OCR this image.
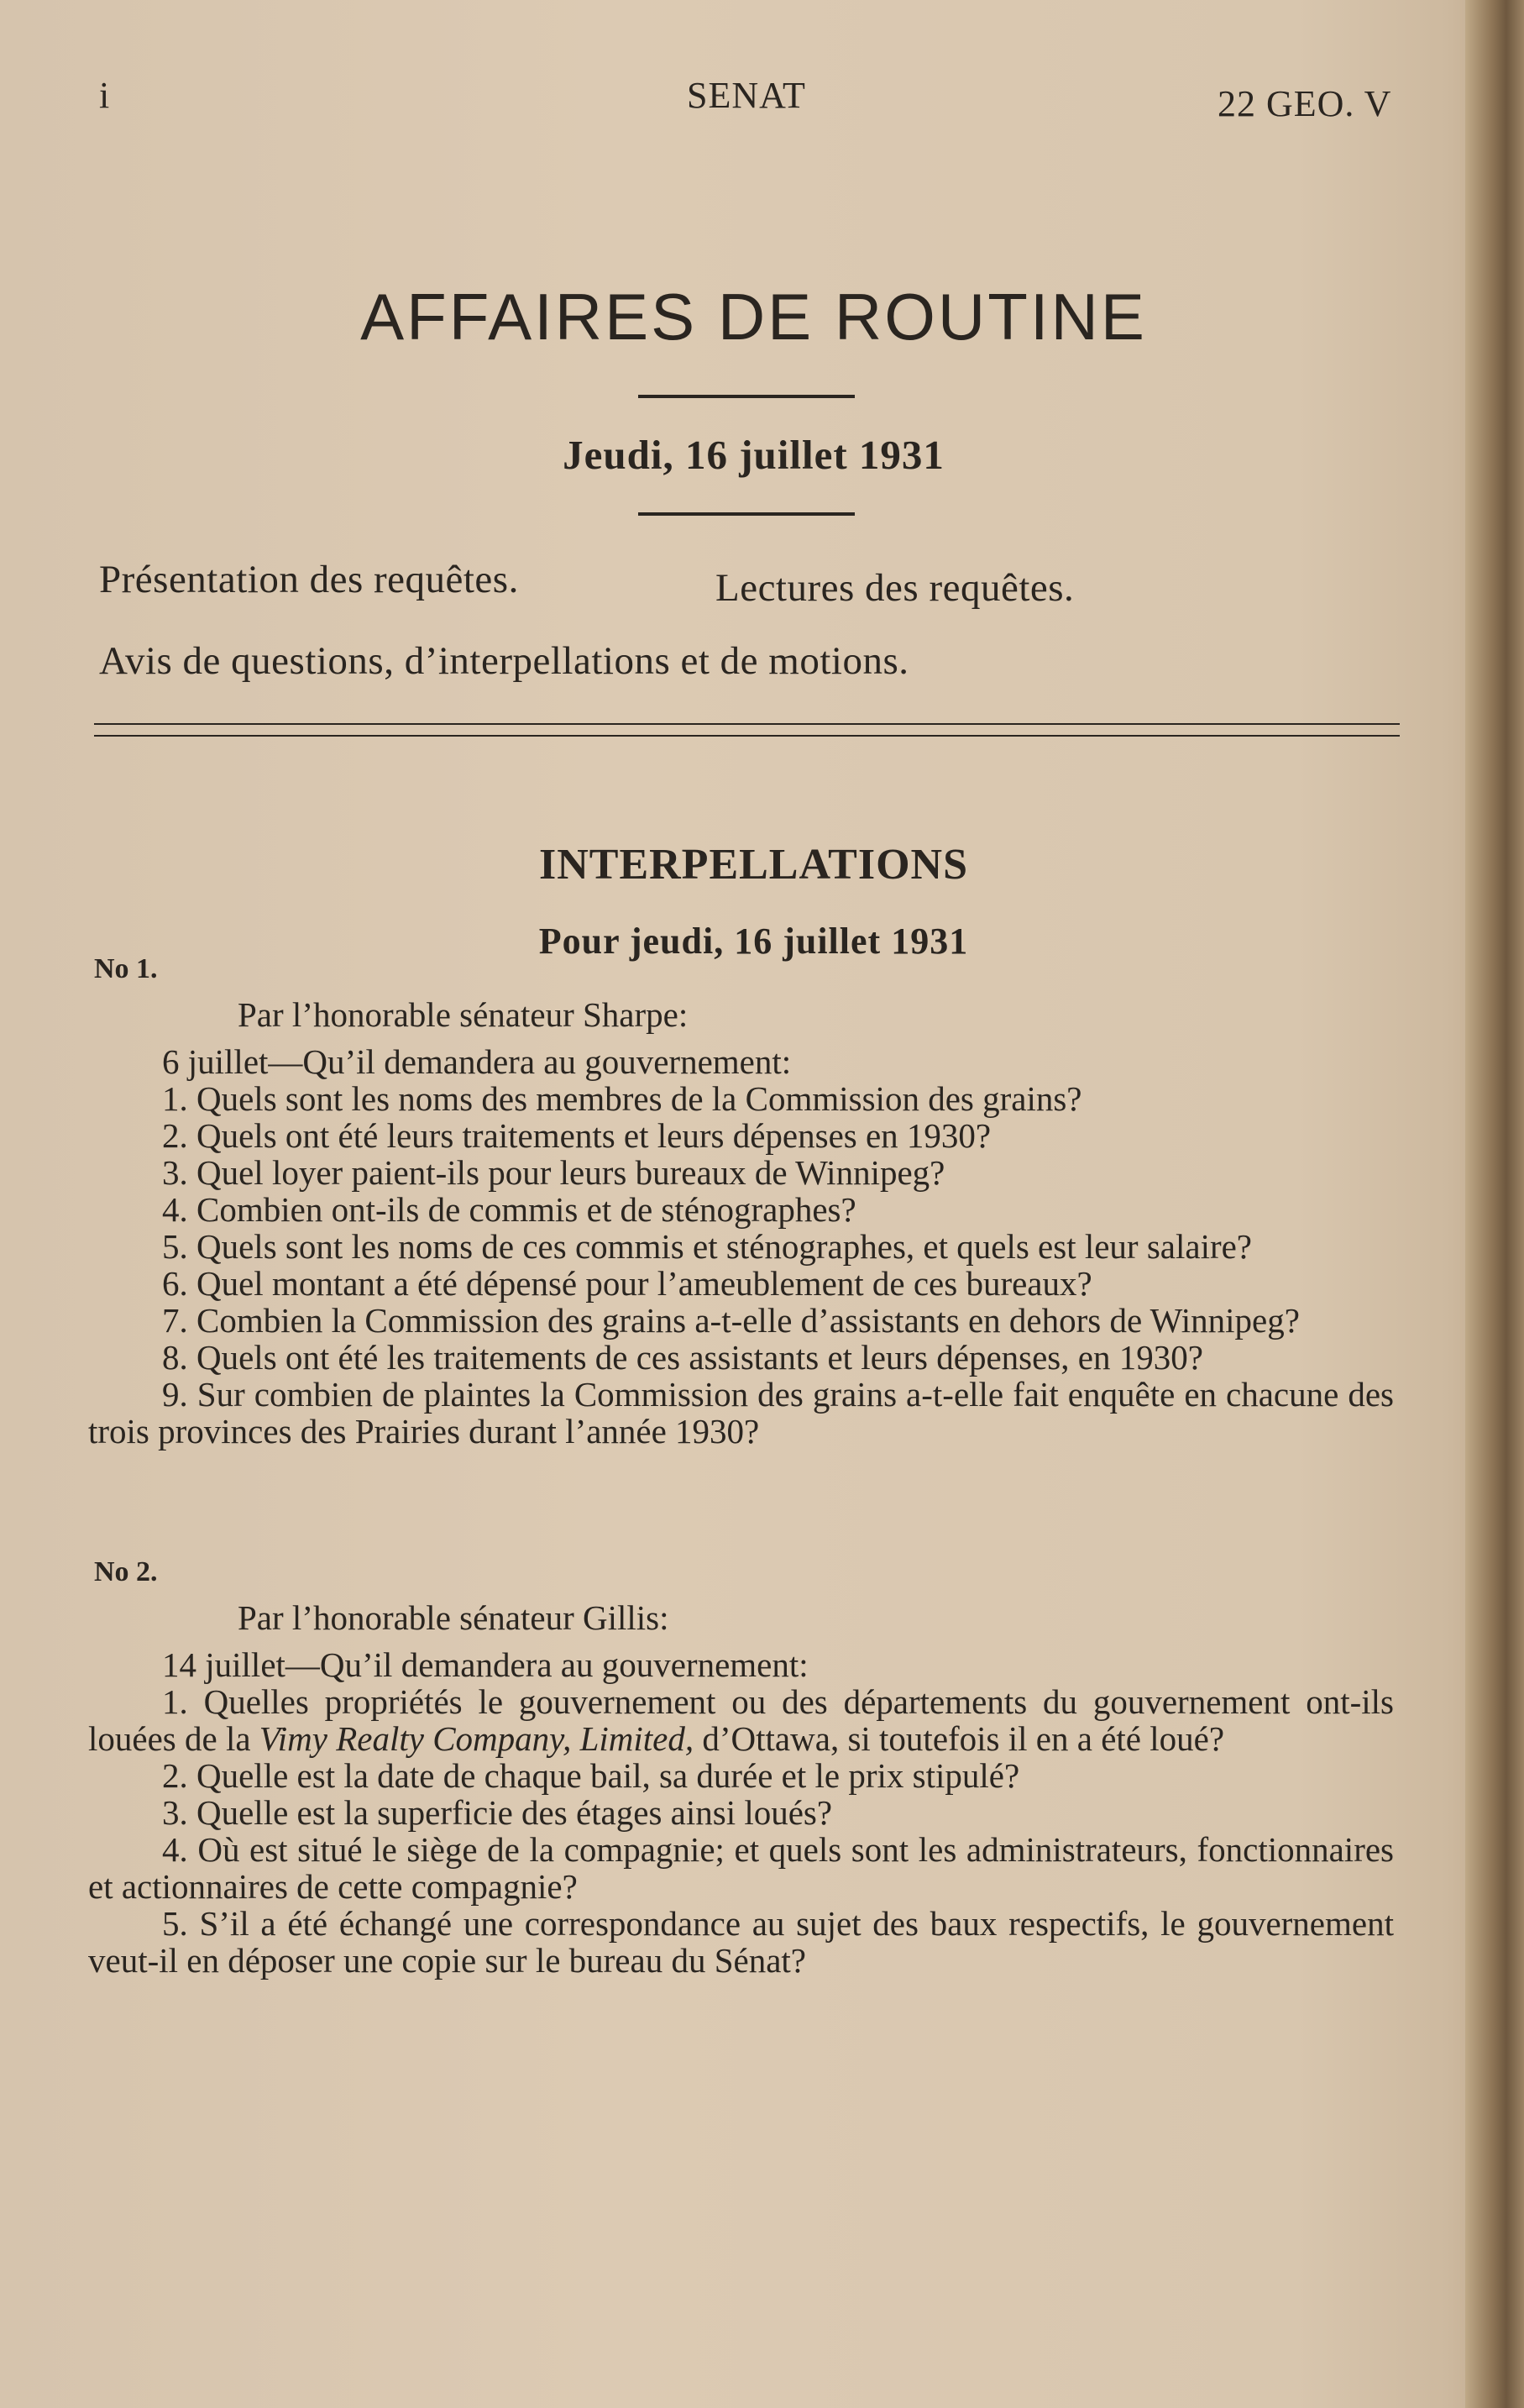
i	SENAT	22 GEO. V
AFFAIRES DE ROUTINE
Jeudi, 16 juillet 1931
Présentation des requêtes.	Lectures des requêtes.
Avis de questions, d’interpellations et de motions.
INTERPELLATIONS
Pour jeudi, 16 juillet 1931
No 1.

Par l’honorable sénateur Sharpe:

6 juillet—Qu’il demandera au gouvernement:

1. Quels sont les noms des membres de la Commission des grains?

2. Quels ont été leurs traitements et leurs dépenses en 1930?

3. Quel loyer paient-ils pour leurs bureaux de Winnipeg?

4. Combien ont-ils de commis et de sténographes?

5. Quels sont les noms de ces commis et sténographes, et quels est leur salaire?

6. Quel montant a été dépensé pour l’ameublement de ces bureaux?

7. Combien la Commission des grains a-t-elle d’assistants en dehors de Winnipeg?

8. Quels ont été les traitements de ces assistants et leurs dépenses, en 1930?

9. Sur combien de plaintes la Commission des grains a-t-elle fait enquête en chacune des trois provinces des Prairies durant l’année 1930?

No 2.

Par l’honorable sénateur Gillis:

14 juillet—Qu’il demandera au gouvernement:

1. Quelles propriétés le gouvernement ou des départements du gouvernement ont-ils louées de la Vimy Realty Company, Limited, d’Ottawa, si toutefois il en a été loué?

2. Quelle est la date de chaque bail, sa durée et le prix stipulé?

3. Quelle est la superficie des étages ainsi loués?

4. Où est situé le siège de la compagnie; et quels sont les administrateurs, fonctionnaires et actionnaires de cette compagnie?

5. S’il a été échangé une correspondance au sujet des baux respectifs, le gouvernement veut-il en déposer une copie sur le bureau du Sénat?
